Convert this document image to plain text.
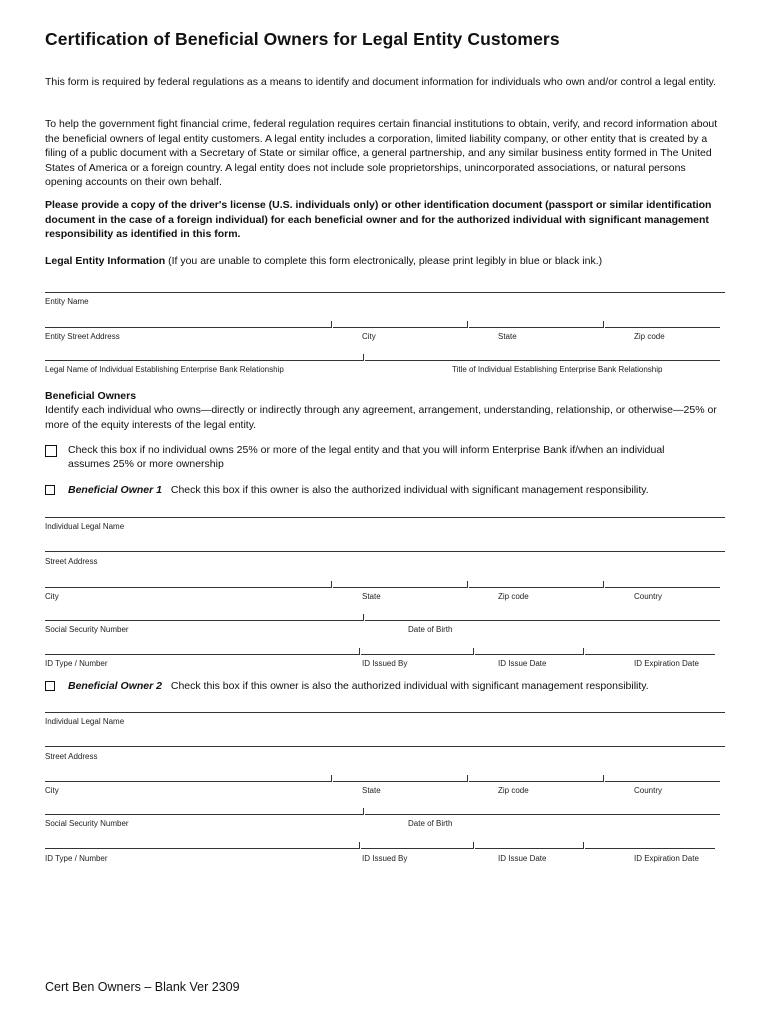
Certification of Beneficial Owners for Legal Entity Customers
This form is required by federal regulations as a means to identify and document information for individuals who own and/or control a legal entity.
To help the government fight financial crime, federal regulation requires certain financial institutions to obtain, verify, and record information about the beneficial owners of legal entity customers. A legal entity includes a corporation, limited liability company, or other entity that is created by a filing of a public document with a Secretary of State or similar office, a general partnership, and any similar business entity formed in The United States of America or a foreign country. A legal entity does not include sole proprietorships, unincorporated associations, or natural persons opening accounts on their own behalf.
Please provide a copy of the driver's license (U.S. individuals only) or other identification document (passport or similar identification document in the case of a foreign individual) for each beneficial owner and for the authorized individual with significant management responsibility as identified in this form.
Legal Entity Information (If you are unable to complete this form electronically, please print legibly in blue or black ink.)
Entity Name
Entity Street Address	City	State	Zip code
Legal Name of Individual Establishing Enterprise Bank Relationship	Title of Individual Establishing Enterprise Bank Relationship
Beneficial Owners
Identify each individual who owns—directly or indirectly through any agreement, arrangement, understanding, relationship, or otherwise—25% or more of the equity interests of the legal entity.
Check this box if no individual owns 25% or more of the legal entity and that you will inform Enterprise Bank if/when an individual
assumes 25% or more ownership
Beneficial Owner 1 Check this box if this owner is also the authorized individual with significant management responsibility.
Individual Legal Name
Street Address
City	State	Zip code	Country
Social Security Number	Date of Birth
ID Type / Number	ID Issued By	ID Issue Date	ID Expiration Date
Beneficial Owner 2 Check this box if this owner is also the authorized individual with significant management responsibility.
Individual Legal Name
Street Address
City	State	Zip code	Country
Social Security Number	Date of Birth
ID Type / Number	ID Issued By	ID Issue Date	ID Expiration Date
Cert Ben Owners – Blank Ver 2309
